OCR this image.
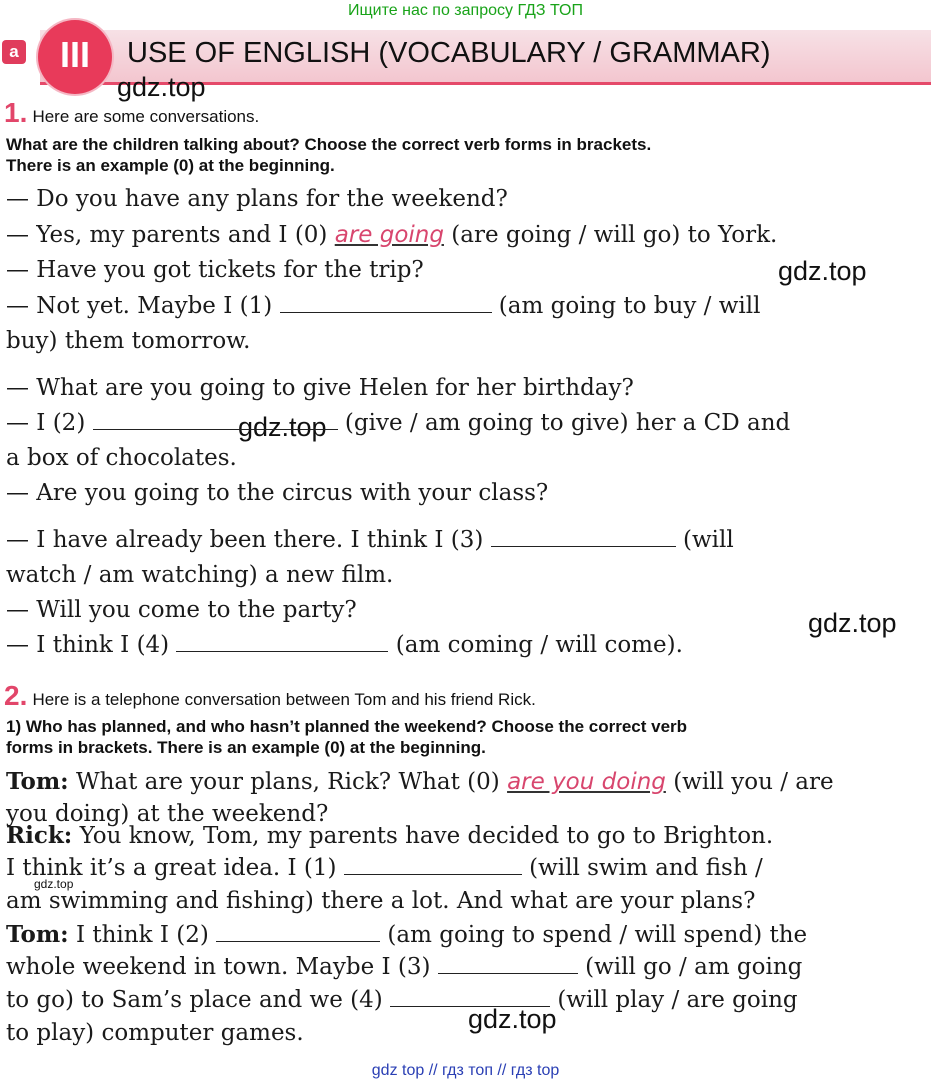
Ищите нас по запросу ГДЗ ТОП
a	III	USE OF ENGLISH (VOCABULARY / GRAMMAR)
gdz.top
gdz.top
gdz.top
gdz.top
gdz.top
gdz.top
1. Here are some conversations.
What are the children talking about? Choose the correct verb forms in brackets.
There is an example (0) at the beginning.
— Do you have any plans for the weekend?
— Yes, my parents and I (0) are going (are going / will go) to York.
— Have you got tickets for the trip?
— Not yet. Maybe I (1)	(am going to buy / will
buy) them tomorrow.
— What are you going to give Helen for her birthday?
— I (2)	(give / am going to give) her a CD and
a box of chocolates.
— Are you going to the circus with your class?
— I have already been there. I think I (3)	(will
watch / am watching) a new film.
— Will you come to the party?
— I think I (4)	(am coming / will come).
2. Here is a telephone conversation between Tom and his friend Rick.
1) Who has planned, and who hasn’t planned the weekend? Choose the correct verb
forms in brackets. There is an example (0) at the beginning.
Tom: What are your plans, Rick? What (0) are you doing (will you / are
you doing) at the weekend?
Rick: You know, Tom, my parents have decided to go to Brighton.
I think it’s a great idea. I (1)	(will swim and fish /
am swimming and fishing) there a lot. And what are your plans?
Tom: I think I (2)	(am going to spend / will spend) the
whole weekend in town. Maybe I (3)	(will go / am going
to go) to Sam’s place and we (4)	(will play / are going
to play) computer games.
gdz top // гдз топ // гдз top
